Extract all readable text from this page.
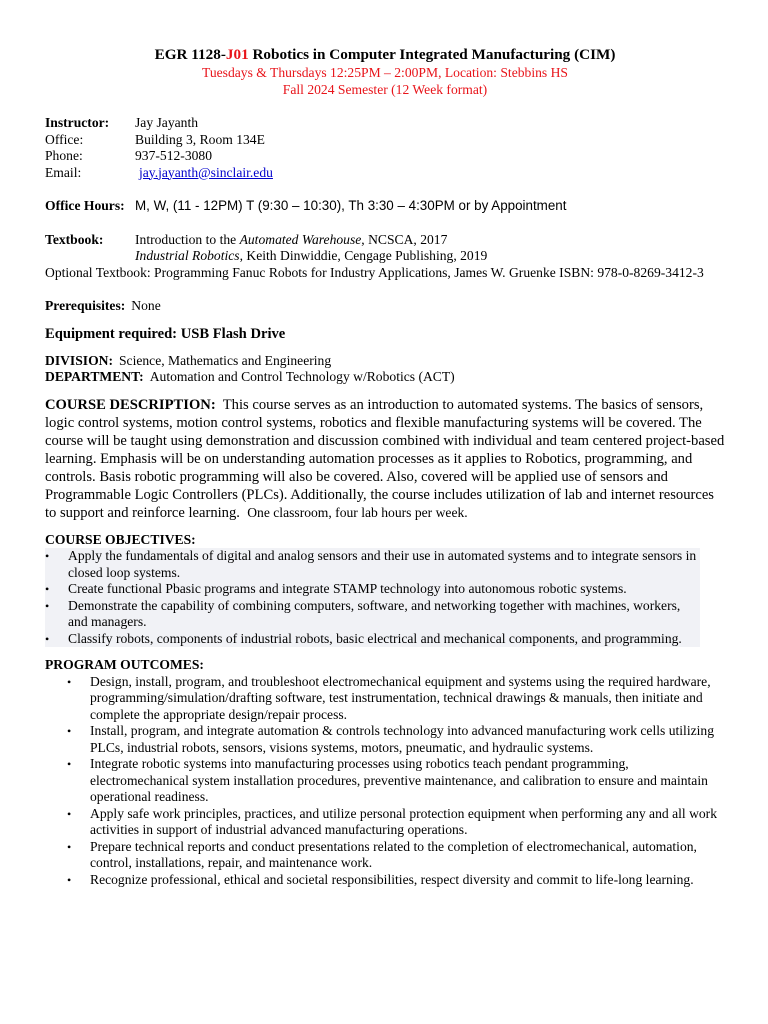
EGR 1128-J01 Robotics in Computer Integrated Manufacturing (CIM)
Tuesdays & Thursdays 12:25PM – 2:00PM, Location: Stebbins HS
Fall 2024 Semester (12 Week format)
Instructor:	Jay Jayanth
Office:	Building 3, Room 134E
Phone:	937-512-3080
Email:	jay.jayanth@sinclair.edu
Office Hours: M, W, (11 - 12PM) T (9:30 – 10:30), Th 3:30 – 4:30PM or by Appointment
Textbook:	Introduction to the Automated Warehouse, NCSCA, 2017
Industrial Robotics, Keith Dinwiddie, Cengage Publishing, 2019
Optional Textbook: Programming Fanuc Robots for Industry Applications, James W. Gruenke ISBN: 978-0-8269-3412-3
Prerequisites: None
Equipment required: USB Flash Drive
DIVISION: Science, Mathematics and Engineering
DEPARTMENT: Automation and Control Technology w/Robotics (ACT)

COURSE DESCRIPTION: This course serves as an introduction to automated systems. The basics of sensors, logic control systems, motion control systems, robotics and flexible manufacturing systems will be covered. The course will be taught using demonstration and discussion combined with individual and team centered project-based learning. Emphasis will be on understanding automation processes as it applies to Robotics, programming, and controls. Basis robotic programming will also be covered. Also, covered will be applied use of sensors and Programmable Logic Controllers (PLCs). Additionally, the course includes utilization of lab and internet resources to support and reinforce learning. One classroom, four lab hours per week.

COURSE OBJECTIVES:
• Apply the fundamentals of digital and analog sensors and their use in automated systems and to integrate sensors in closed loop systems.
• Create functional Pbasic programs and integrate STAMP technology into autonomous robotic systems.
• Demonstrate the capability of combining computers, software, and networking together with machines, workers, and managers.
• Classify robots, components of industrial robots, basic electrical and mechanical components, and programming.
PROGRAM OUTCOMES:
• Design, install, program, and troubleshoot electromechanical equipment and systems using the required hardware, programming/simulation/drafting software, test instrumentation, technical drawings & manuals, then initiate and complete the appropriate design/repair process.
• Install, program, and integrate automation & controls technology into advanced manufacturing work cells utilizing PLCs, industrial robots, sensors, visions systems, motors, pneumatic, and hydraulic systems.
• Integrate robotic systems into manufacturing processes using robotics teach pendant programming, electromechanical system installation procedures, preventive maintenance, and calibration to ensure and maintain operational readiness.
• Apply safe work principles, practices, and utilize personal protection equipment when performing any and all work activities in support of industrial advanced manufacturing operations.
• Prepare technical reports and conduct presentations related to the completion of electromechanical, automation, control, installations, repair, and maintenance work.
• Recognize professional, ethical and societal responsibilities, respect diversity and commit to life-long learning.
